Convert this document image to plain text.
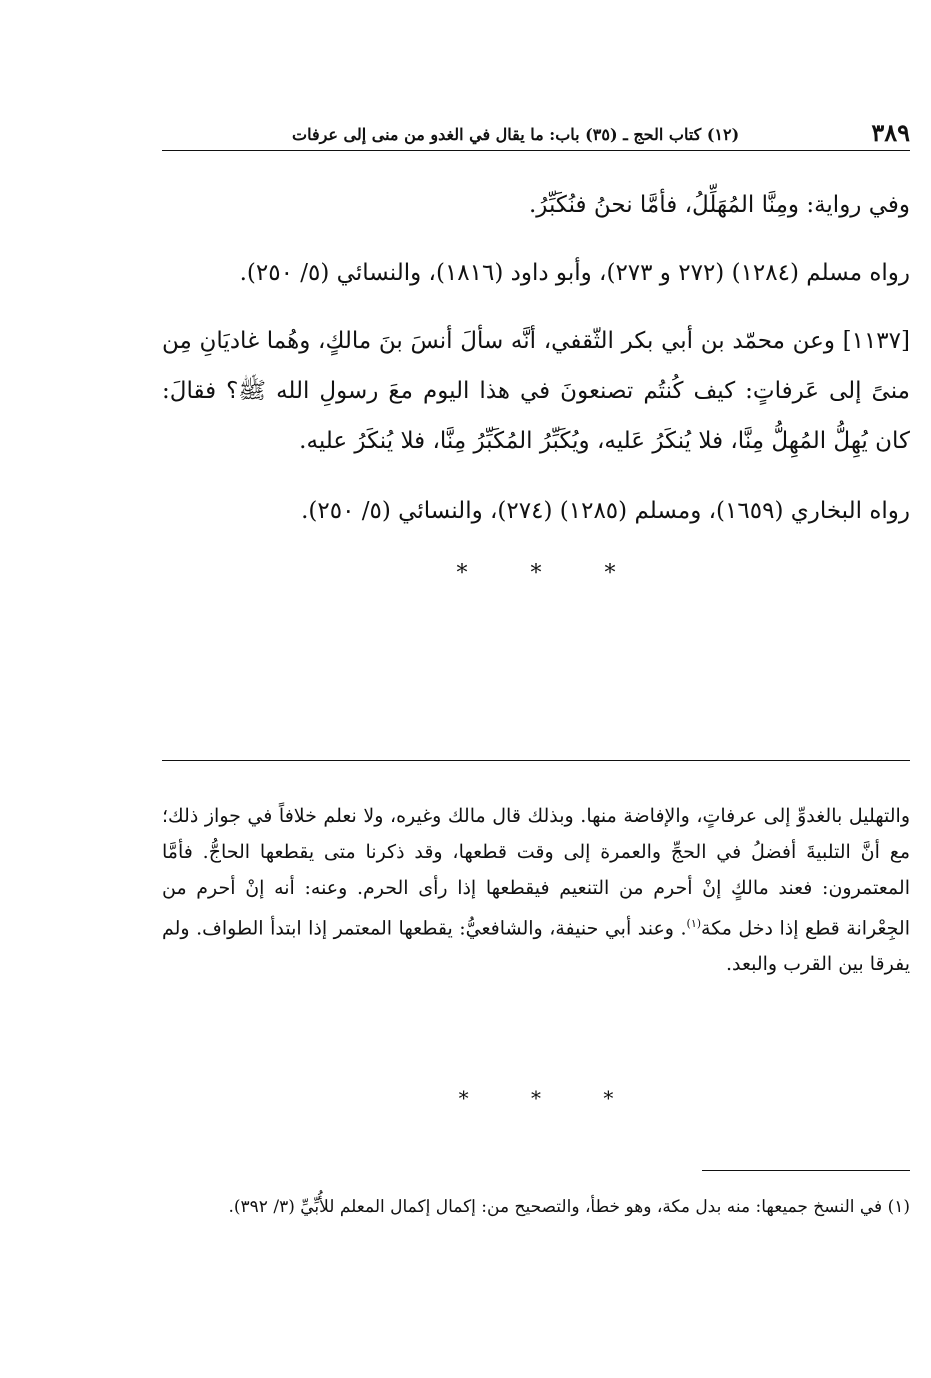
٣٨٩
(١٢) كتاب الحج ـ (٣٥) باب: ما يقال في الغدو من منى إلى عرفات

وفي رواية: ومِنَّا المُهَلِّلُ، فأمَّا نحنُ فنُكَبِّرُ.

رواه مسلم (١٢٨٤) (٢٧٢ و ٢٧٣)، وأبو داود (١٨١٦)، والنسائي (٥/ ٢٥٠).

[١١٣٧] وعن محمّد بن أبي بكر الثّقفي، أنَّه سألَ أنسَ بنَ مالكٍ، وهُما غاديَانِ مِن منىً إلى عَرفاتٍ: كيف كُنتُم تصنعونَ في هذا اليوم معَ رسولِ الله ﷺ؟ فقالَ: كان يُهِلُّ المُهِلُّ مِنَّا، فلا يُنكَرُ عَليه، ويُكَبِّرُ المُكَبِّرُ مِنَّا، فلا يُنكَرُ عليه.

رواه البخاري (١٦٥٩)، ومسلم (١٢٨٥) (٢٧٤)، والنسائي (٥/ ٢٥٠).

* * *

والتهليل بالغدوِّ إلى عرفاتٍ، والإفاضة منها. وبذلك قال مالك وغيره، ولا نعلم خلافاً في جواز ذلك؛ مع أنَّ التلبيةَ أفضلُ في الحجِّ والعمرة إلى وقت قطعها، وقد ذكرنا متى يقطعها الحاجُّ. فأمَّا المعتمرون: فعند مالكٍ إنْ أحرم من التنعيم فيقطعها إذا رأى الحرم. وعنه: أنه إنْ أحرم من الجِعْرانة قطع إذا دخل مكة$^{(١)}$. وعند أبي حنيفة، والشافعيُّ: يقطعها المعتمر إذا ابتدأ الطواف. ولم يفرقا بين القرب والبعد.

* * *

(١) في النسخ جميعها: منه بدل مكة، وهو خطأ، والتصحيح من: إكمال إكمال المعلم للأُبِّيِّ (٣/ ٣٩٢).
